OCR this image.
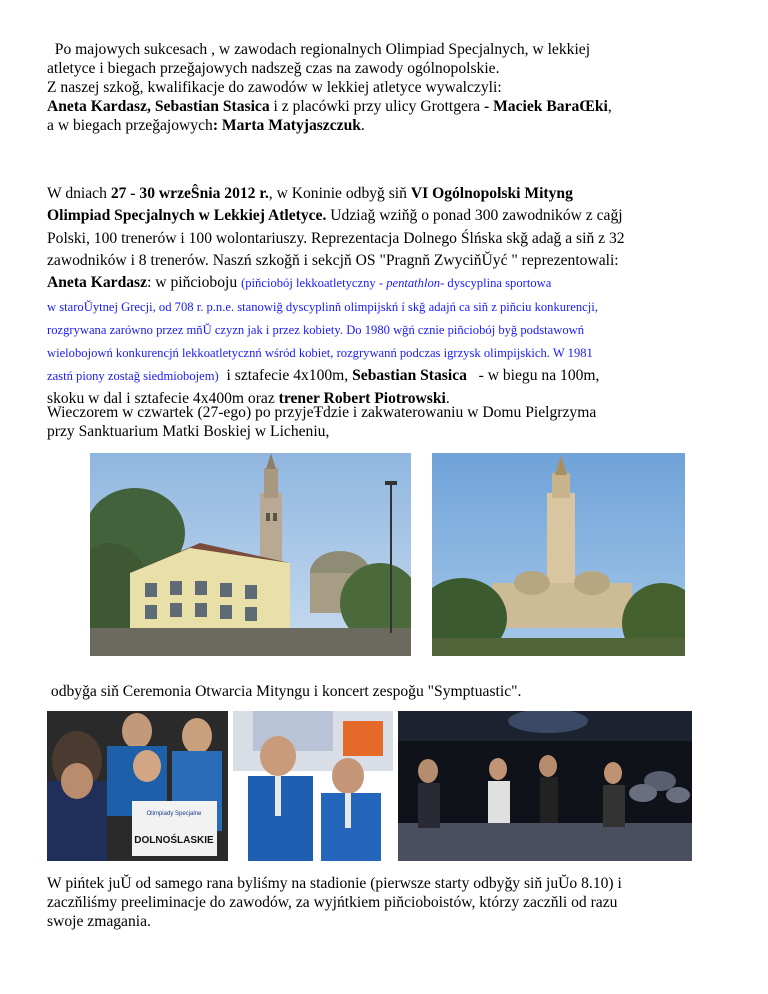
Po majowych sukcesach , w zawodach regionalnych Olimpiad Specjalnych, w lekkiej
atletyce i biegach przeǧajowych nadszeǧ czas na zawody ogólnopolskie.
Z naszej szkoǧ, kwalifikacje do zawodów w lekkiej atletyce wywalczyli:
Aneta Kardasz, Sebastian Stasica i z placówki przy ulicy Grottgera - Maciek BaraŒki,
a w biegach przeǧajowych: Marta Matyjaszczuk.
W dniach 27 - 30 wrzeŜnia 2012 r., w Koninie odbyǧ siň VI Ogólnopolski Mityng
Olimpiad Specjalnych w Lekkiej Atletyce. Udziaǧ wziňǧ o ponad 300 zawodników z caǧj
Polski, 100 trenerów i 100 wolontariuszy. Reprezentacja Dolnego Ślńska skǧ adaǧ a siň z 32
zawodników i 8 trenerów. Naszń szkoǧň i sekcjň OS "Pragnň ZwyciňŬyć " reprezentowali:
Aneta Kardasz: w piňcioboju (piňciobój lekkoatletyczny - pentathlon- dyscyplina sportowa
w staroŬytnej Grecji, od 708 r. p.n.e. stanowiǧ dyscyplinň olimpijskń í skǧ adajń ca siň z piňciu konkurencji,
rozgrywana zarówno przez mňŬ czyzn jak i przez kobiety. Do 1980 wǧń cznie piňciobój byǧ podstawowń
wielobojowń konkurencjń lekkoatletycznń wśród kobiet, rozgrywanń podczas igrzysk olimpijskich. W 1981
zastń piony zostaǧ siedmiobojem)  i sztafecie 4x100m, Sebastian Stasica   - w biegu na 100m,
skoku w dal i sztafecie 4x400m oraz trener Robert Piotrowski.
Wieczorem w czwartek (27-ego) po przyjeŦdzie i zakwaterowaniu w Domu Pielgrzyma
przy Sanktuarium Matki Boskiej w Licheniu,
odbyǧa siň Ceremonia Otwarcia Mityngu i koncert zespoǧu "Symptuastic".
Olimpiady Specjalne
DOLNOŚLASKIE
W pińtek juŬ od samego rana byliśmy na stadionie (pierwsze starty odbyǧy siň juŬo 8.10) i
zaczňliśmy preeliminacje do zawodów, za wyjńtkiem piňcioboistów, którzy zaczňli od razu
swoje zmagania.
